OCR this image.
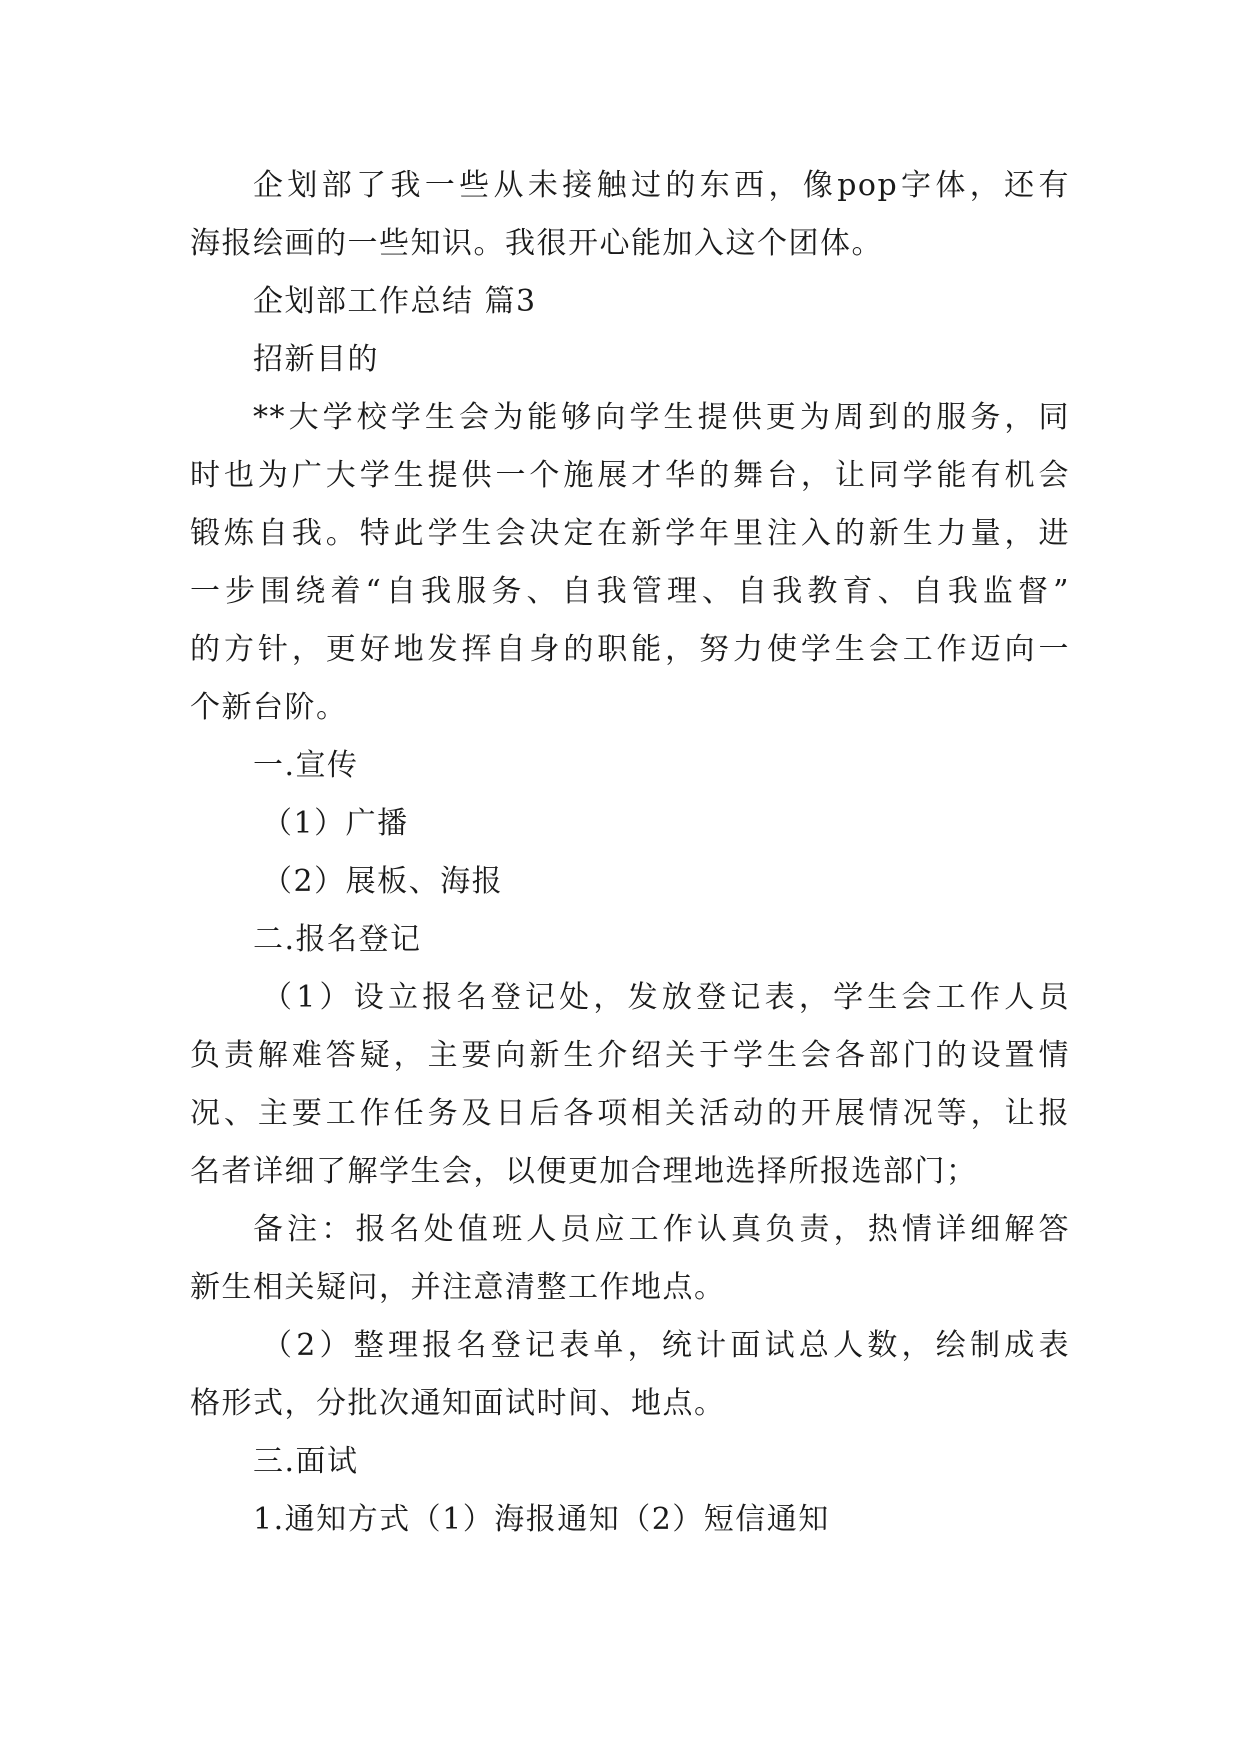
企划部了我一些从未接触过的东西，像pop字体，还有
海报绘画的一些知识。我很开心能加入这个团体。
企划部工作总结 篇3
招新目的
**大学校学生会为能够向学生提供更为周到的服务，同
时也为广大学生提供一个施展才华的舞台，让同学能有机会
锻炼自我。特此学生会决定在新学年里注入的新生力量，进
一步围绕着“自我服务、自我管理、自我教育、自我监督”
的方针，更好地发挥自身的职能，努力使学生会工作迈向一
个新台阶。
一.宣传
（1）广播
（2）展板、海报
二.报名登记
（1）设立报名登记处，发放登记表，学生会工作人员
负责解难答疑，主要向新生介绍关于学生会各部门的设置情
况、主要工作任务及日后各项相关活动的开展情况等，让报
名者详细了解学生会，以便更加合理地选择所报选部门；
备注：报名处值班人员应工作认真负责，热情详细解答
新生相关疑问，并注意清整工作地点。
（2）整理报名登记表单，统计面试总人数，绘制成表
格形式，分批次通知面试时间、地点。
三.面试
1.通知方式（1）海报通知（2）短信通知
